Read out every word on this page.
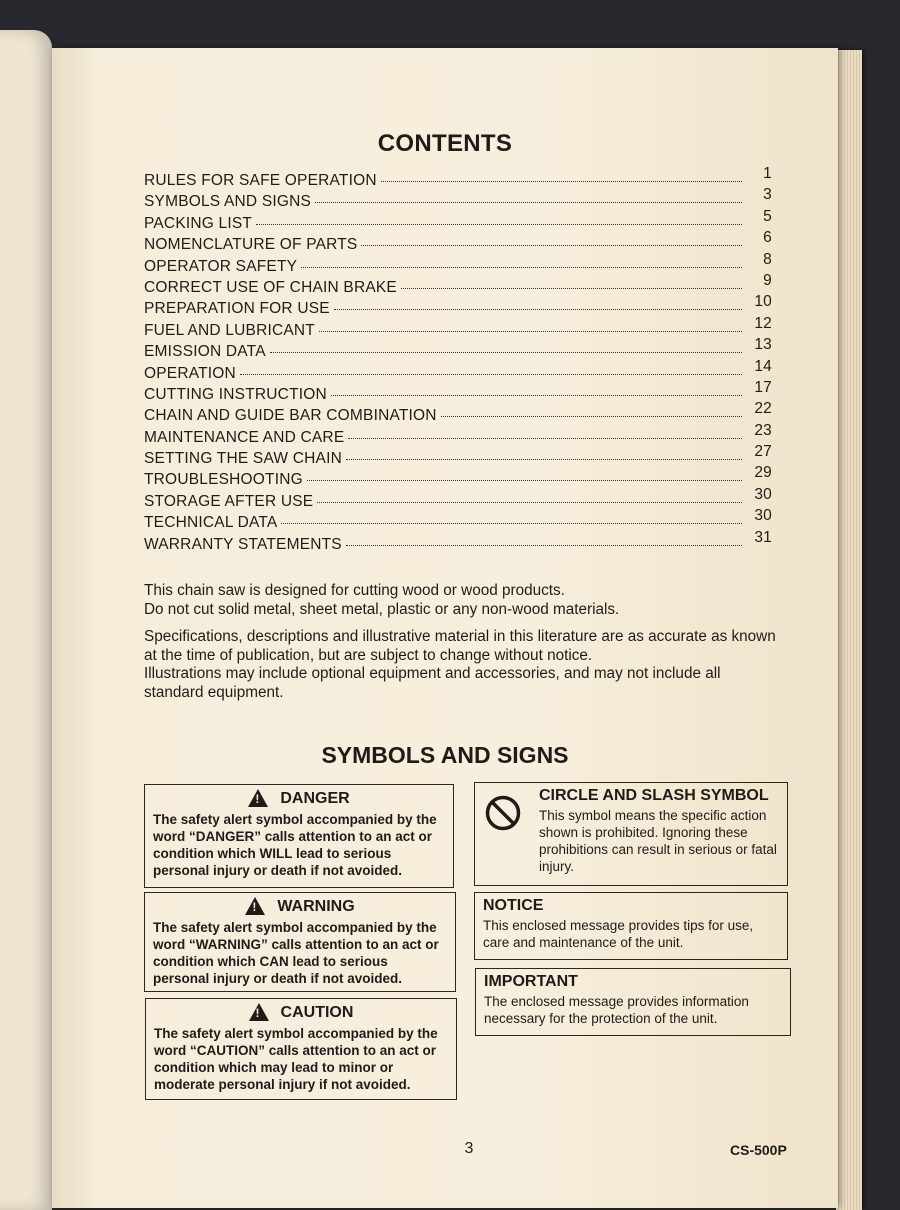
CONTENTS
RULES FOR SAFE OPERATION	1
SYMBOLS AND SIGNS	3
PACKING LIST	5
NOMENCLATURE OF PARTS	6
OPERATOR SAFETY	8
CORRECT USE OF CHAIN BRAKE	9
PREPARATION FOR USE	10
FUEL AND LUBRICANT	12
EMISSION DATA	13
OPERATION	14
CUTTING INSTRUCTION	17
CHAIN AND GUIDE BAR COMBINATION	22
MAINTENANCE AND CARE	23
SETTING THE SAW CHAIN	27
TROUBLESHOOTING	29
STORAGE AFTER USE	30
TECHNICAL DATA	30
WARRANTY STATEMENTS	31

This chain saw is designed for cutting wood or wood products.

Do not cut solid metal, sheet metal, plastic or any non-wood materials.

Specifications, descriptions and illustrative material in this literature are as accurate as known at the time of publication, but are subject to change without notice.

Illustrations may include optional equipment and accessories, and may not include all standard equipment.

SYMBOLS AND SIGNS
!
DANGER
The safety alert symbol accompanied by the word “DANGER” calls attention to an act or condition which WILL lead to serious personal injury or death if not avoided.
!
WARNING
The safety alert symbol accompanied by the word “WARNING” calls attention to an act or condition which CAN lead to serious personal injury or death if not avoided.
!
CAUTION
The safety alert symbol accompanied by the word “CAUTION” calls attention to an act or condition which may lead to minor or moderate personal injury if not avoided.
CIRCLE AND SLASH SYMBOL
This symbol means the specific action shown is prohibited. Ignoring these prohibitions can result in serious or fatal injury.
NOTICE
This enclosed message provides tips for use, care and maintenance of the unit.
IMPORTANT
The enclosed message provides information necessary for the protection of the unit.
3	CS-500P
